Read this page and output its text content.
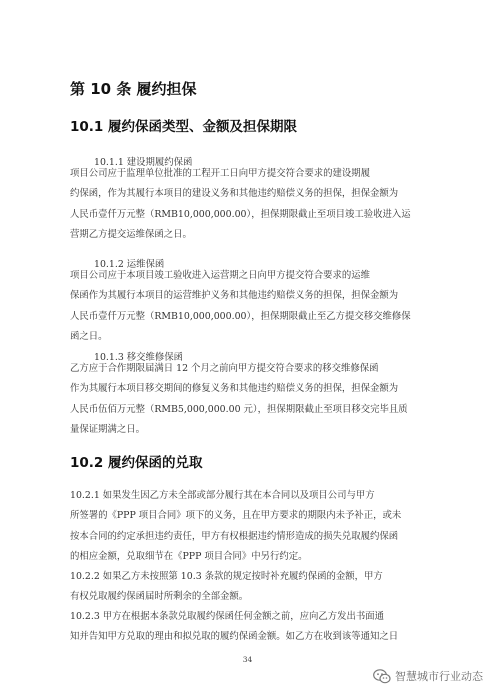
第 10 条 履约担保
10.1 履约保函类型、金额及担保期限
10.1.1 建设期履约保函
项目公司应于监理单位批准的工程开工日向甲方提交符合要求的建设期履
约保函，作为其履行本项目的建设义务和其他违约赔偿义务的担保，担保金额为
人民币壹仟万元整（RMB10,000,000.00），担保期限截止至项目竣工验收进入运
营期乙方提交运维保函之日。
10.1.2 运维保函
项目公司应于本项目竣工验收进入运营期之日向甲方提交符合要求的运维
保函作为其履行本项目的运营维护义务和其他违约赔偿义务的担保，担保金额为
人民币壹仟万元整（RMB10,000,000.00），担保期限截止至乙方提交移交维修保
函之日。
10.1.3 移交维修保函
乙方应于合作期限届满日 12 个月之前向甲方提交符合要求的移交维修保函
作为其履行本项目移交期间的修复义务和其他违约赔偿义务的担保，担保金额为
人民币伍佰万元整（RMB5,000,000.00 元），担保期限截止至项目移交完毕且质
量保证期满之日。
10.2 履约保函的兑取
10.2.1 如果发生因乙方未全部或部分履行其在本合同以及项目公司与甲方
所签署的《PPP 项目合同》项下的义务，且在甲方要求的期限内未予补正，或未
按本合同的约定承担违约责任，甲方有权根据违约情形造成的损失兑取履约保函
的相应金额，兑取细节在《PPP 项目合同》中另行约定。
10.2.2 如果乙方未按照第 10.3 条款的规定按时补充履约保函的金额，甲方
有权兑取履约保函届时所剩余的全部金额。
10.2.3 甲方在根据本条款兑取履约保函任何金额之前，应向乙方发出书面通
知并告知甲方兑取的理由和拟兑取的履约保函金额。如乙方在收到该等通知之日
34
智慧城市行业动态
